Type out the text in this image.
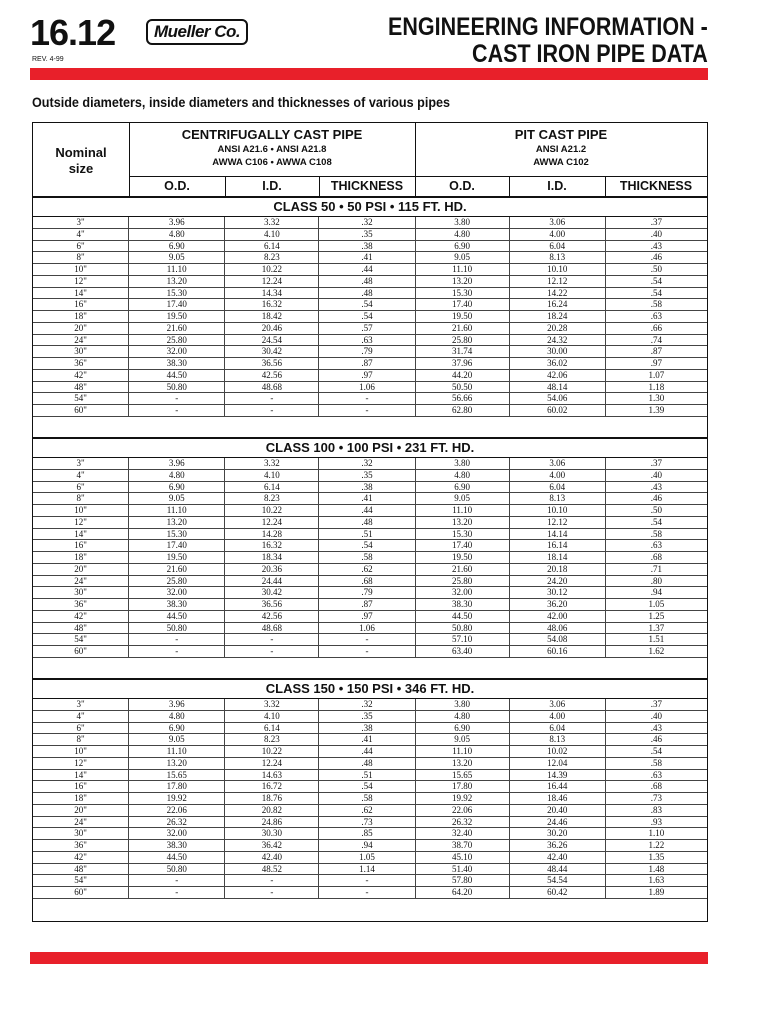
16.12	Mueller Co.
REV. 4-99
ENGINEERING INFORMATION -
CAST IRON PIPE DATA
Outside diameters, inside diameters and thicknesses of various pipes
Nominal
size
CENTRIFUGALLY CAST PIPE
ANSI A21.6 • ANSI A21.8
AWWA C106 • AWWA C108
PIT CAST PIPE
ANSI A21.2
AWWA C102
O.D.	I.D.	THICKNESS	O.D.	I.D.	THICKNESS
CLASS 50 • 50 PSI • 115 FT. HD.
3"	3.96	3.32	.32	3.80	3.06	.37
4"	4.80	4.10	.35	4.80	4.00	.40
6"	6.90	6.14	.38	6.90	6.04	.43
8"	9.05	8.23	.41	9.05	8.13	.46
10"	11.10	10.22	.44	11.10	10.10	.50
12"	13.20	12.24	.48	13.20	12.12	.54
14"	15.30	14.34	.48	15.30	14.22	.54
16"	17.40	16.32	.54	17.40	16.24	.58
18"	19.50	18.42	.54	19.50	18.24	.63
20"	21.60	20.46	.57	21.60	20.28	.66
24"	25.80	24.54	.63	25.80	24.32	.74
30"	32.00	30.42	.79	31.74	30.00	.87
36"	38.30	36.56	.87	37.96	36.02	.97
42"	44.50	42.56	.97	44.20	42.06	1.07
48"	50.80	48.68	1.06	50.50	48.14	1.18
54"	-	-	-	56.66	54.06	1.30
60"	-	-	-	62.80	60.02	1.39
CLASS 100 • 100 PSI • 231 FT. HD.
3"	3.96	3.32	.32	3.80	3.06	.37
4"	4.80	4.10	.35	4.80	4.00	.40
6"	6.90	6.14	.38	6.90	6.04	.43
8"	9.05	8.23	.41	9.05	8.13	.46
10"	11.10	10.22	.44	11.10	10.10	.50
12"	13.20	12.24	.48	13.20	12.12	.54
14"	15.30	14.28	.51	15.30	14.14	.58
16"	17.40	16.32	.54	17.40	16.14	.63
18"	19.50	18.34	.58	19.50	18.14	.68
20"	21.60	20.36	.62	21.60	20.18	.71
24"	25.80	24.44	.68	25.80	24.20	.80
30"	32.00	30.42	.79	32.00	30.12	.94
36"	38.30	36.56	.87	38.30	36.20	1.05
42"	44.50	42.56	.97	44.50	42.00	1.25
48"	50.80	48.68	1.06	50.80	48.06	1.37
54"	-	-	-	57.10	54.08	1.51
60"	-	-	-	63.40	60.16	1.62
CLASS 150 • 150 PSI • 346 FT. HD.
3"	3.96	3.32	.32	3.80	3.06	.37
4"	4.80	4.10	.35	4.80	4.00	.40
6"	6.90	6.14	.38	6.90	6.04	.43
8"	9.05	8.23	.41	9.05	8.13	.46
10"	11.10	10.22	.44	11.10	10.02	.54
12"	13.20	12.24	.48	13.20	12.04	.58
14"	15.65	14.63	.51	15.65	14.39	.63
16"	17.80	16.72	.54	17.80	16.44	.68
18"	19.92	18.76	.58	19.92	18.46	.73
20"	22.06	20.82	.62	22.06	20.40	.83
24"	26.32	24.86	.73	26.32	24.46	.93
30"	32.00	30.30	.85	32.40	30.20	1.10
36"	38.30	36.42	.94	38.70	36.26	1.22
42"	44.50	42.40	1.05	45.10	42.40	1.35
48"	50.80	48.52	1.14	51.40	48.44	1.48
54"	-	-	-	57.80	54.54	1.63
60"	-	-	-	64.20	60.42	1.89
